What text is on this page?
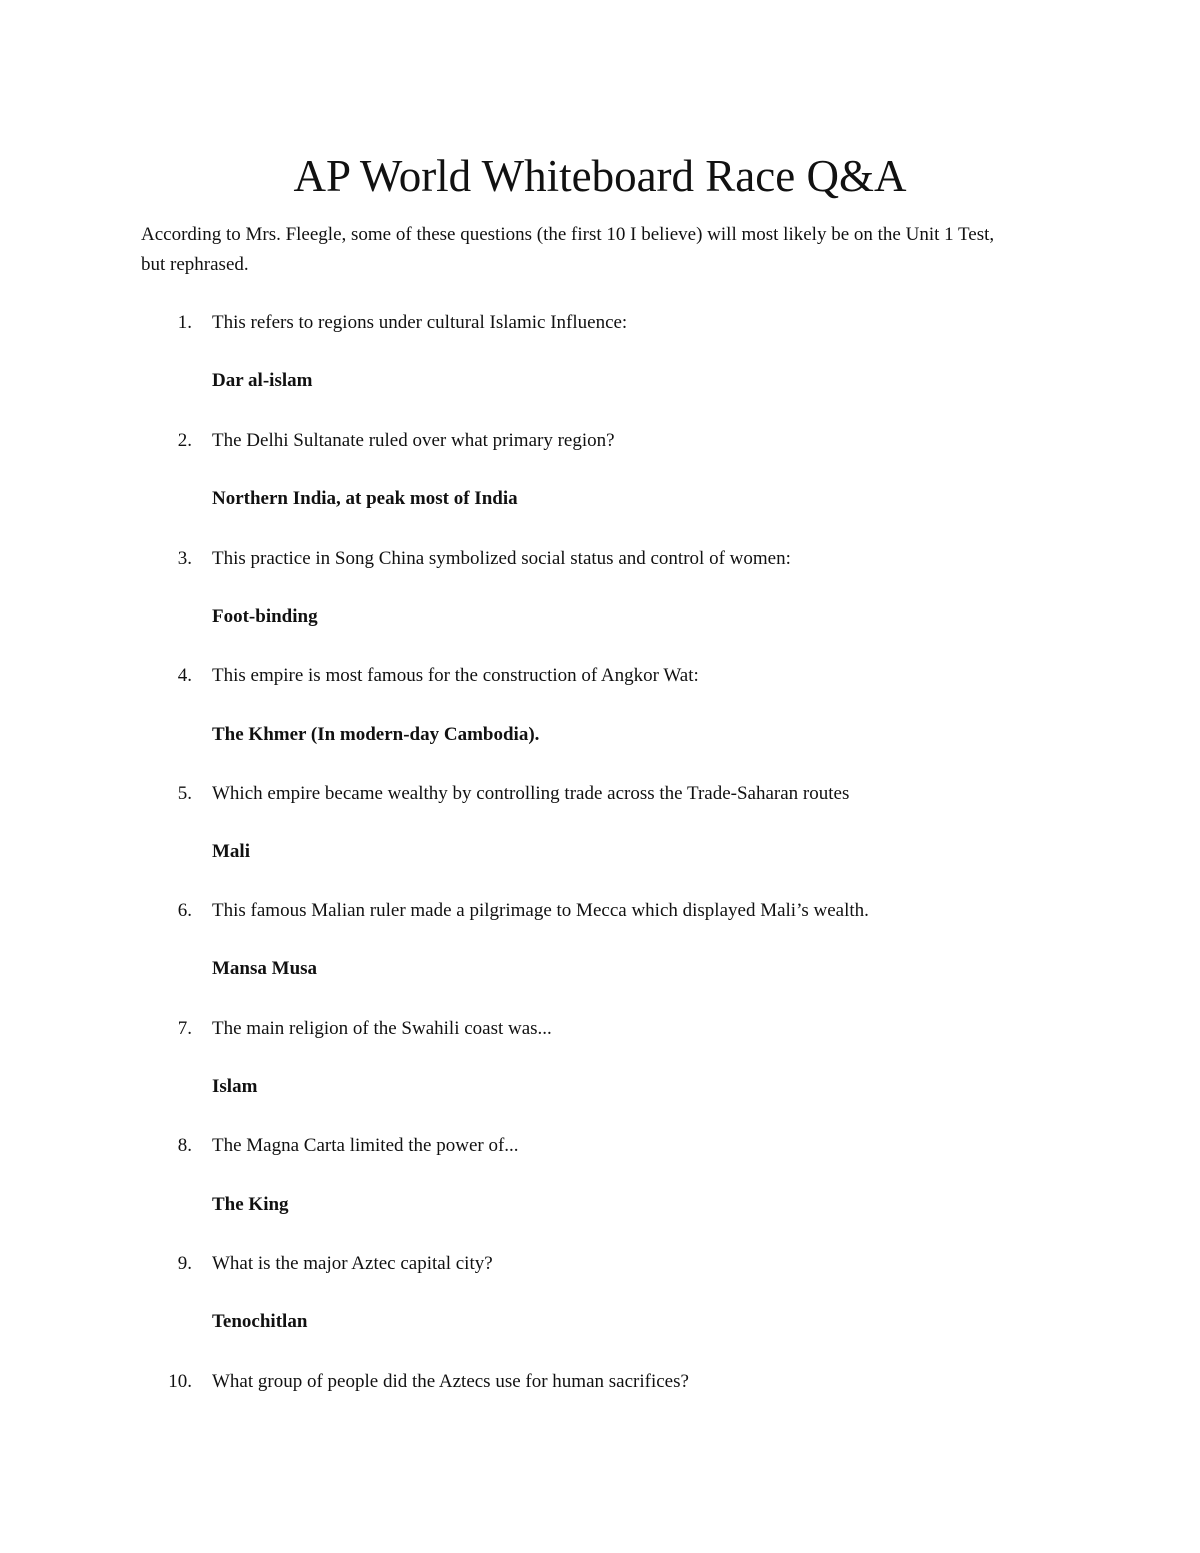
AP World Whiteboard Race Q&A

According to Mrs. Fleegle, some of these questions (the first 10 I believe) will most likely be on the Unit 1 Test, but rephrased.

1. This refers to regions under cultural Islamic Influence:
Dar al-islam
2. The Delhi Sultanate ruled over what primary region?
Northern India, at peak most of India
3. This practice in Song China symbolized social status and control of women:
Foot-binding
4. This empire is most famous for the construction of Angkor Wat:
The Khmer (In modern-day Cambodia).
5. Which empire became wealthy by controlling trade across the Trade-Saharan routes
Mali
6. This famous Malian ruler made a pilgrimage to Mecca which displayed Mali’s wealth.
Mansa Musa
7. The main religion of the Swahili coast was...
Islam
8. The Magna Carta limited the power of...
The King
9. What is the major Aztec capital city?
Tenochitlan
10. What group of people did the Aztecs use for human sacrifices?
